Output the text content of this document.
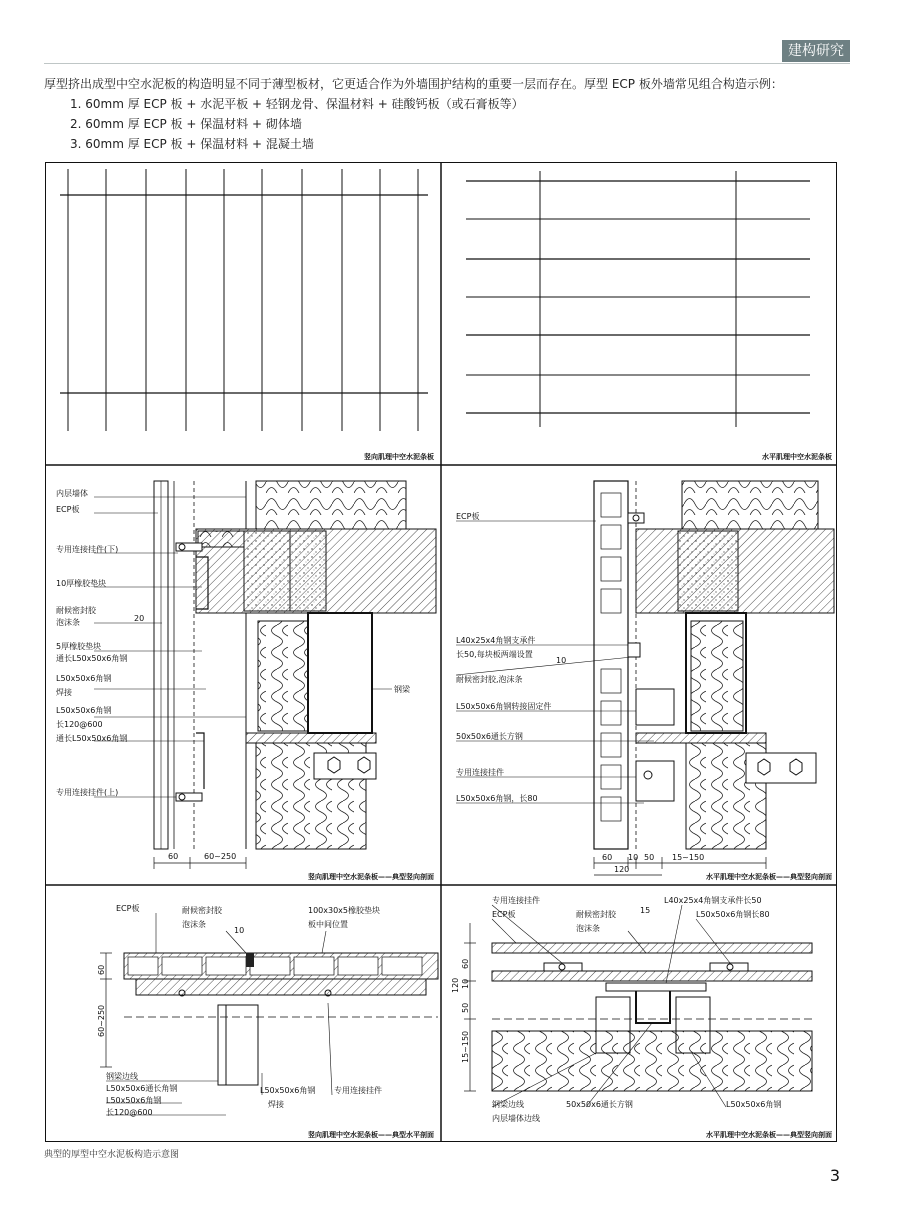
建构研究
厚型挤出成型中空水泥板的构造明显不同于薄型板材，它更适合作为外墙围护结构的重要一层而存在。厚型 ECP 板外墙常见组合构造示例：
1. 60mm 厚 ECP 板 + 水泥平板 + 轻钢龙骨、保温材料 + 硅酸钙板（或石膏板等）
2. 60mm 厚 ECP 板 + 保温材料 + 砌体墙
3. 60mm 厚 ECP 板 + 保温材料 + 混凝土墙
竖向肌理中空水泥条板	水平肌理中空水泥条板
内层墙体
ECP板
专用连接挂件(下)
10厚橡胶垫块
耐候密封胶
泡沫条
5厚橡胶垫块
通长L50x50x6角钢
L50x50x6角钢
焊接
L50x50x6角钢
长120@600
通长L50x50x6角钢
专用连接挂件(上)
钢梁
20
60	60~250
竖向肌理中空水泥条板——典型竖向剖面
ECP板
L40x25x4角钢支承件
长50,每块板两端设置
耐候密封胶,泡沫条
L50x50x6角钢转接固定件
50x50x6通长方钢
专用连接挂件
L50x50x6角钢，长80
10
60 10 50 15~150
120
水平肌理中空水泥条板——典型竖向剖面
ECP板	耐候密封胶
泡沫条
100x30x5橡胶垫块
板中间位置
钢梁边线
L50x50x6通长角钢
L50x50x6角钢
长120@600
L50x50x6角钢
焊接
专用连接挂件
10
60
60~250
竖向肌理中空水泥条板——典型水平剖面
专用连接挂件
ECP板	耐候密封胶
泡沫条
L40x25x4角钢支承件长50
L50x50x6角钢长80
钢梁边线
内层墙体边线
50x50x6通长方钢	L50x50x6角钢
15
120
60
10
50
15~150
水平肌理中空水泥条板——典型竖向剖面
典型的厚型中空水泥板构造示意图
3
